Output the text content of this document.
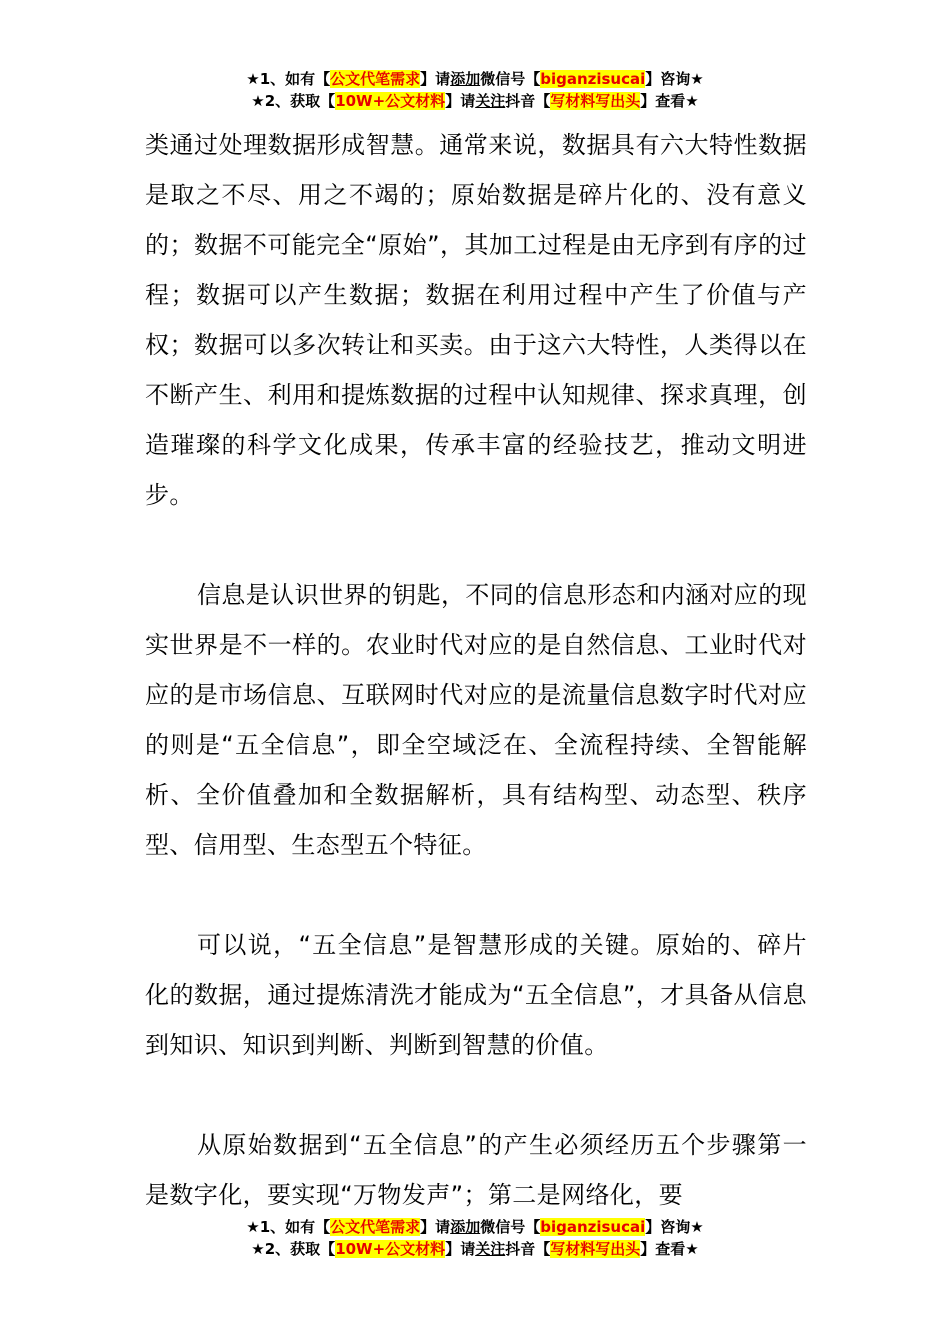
★1、如有【公文代笔需求】请添加微信号【biganzisucai】咨询★
★2、获取【10W+公文材料】请关注抖音【写材料写出头】查看★

类通过处理数据形成智慧。通常来说，数据具有六大特性数据是取之不尽、用之不竭的；原始数据是碎片化的、没有意义的；数据不可能完全“原始”，其加工过程是由无序到有序的过程；数据可以产生数据；数据在利用过程中产生了价值与产权；数据可以多次转让和买卖。由于这六大特性，人类得以在不断产生、利用和提炼数据的过程中认知规律、探求真理，创造璀璨的科学文化成果，传承丰富的经验技艺，推动文明进步。

信息是认识世界的钥匙，不同的信息形态和内涵对应的现实世界是不一样的。农业时代对应的是自然信息、工业时代对应的是市场信息、互联网时代对应的是流量信息数字时代对应的则是“五全信息”，即全空域泛在、全流程持续、全智能解析、全价值叠加和全数据解析，具有结构型、动态型、秩序型、信用型、生态型五个特征。

可以说，“五全信息”是智慧形成的关键。原始的、碎片化的数据，通过提炼清洗才能成为“五全信息”，才具备从信息到知识、知识到判断、判断到智慧的价值。

从原始数据到“五全信息”的产生必须经历五个步骤第一是数字化，要实现“万物发声”；第二是网络化，要

★1、如有【公文代笔需求】请添加微信号【biganzisucai】咨询★
★2、获取【10W+公文材料】请关注抖音【写材料写出头】查看★
